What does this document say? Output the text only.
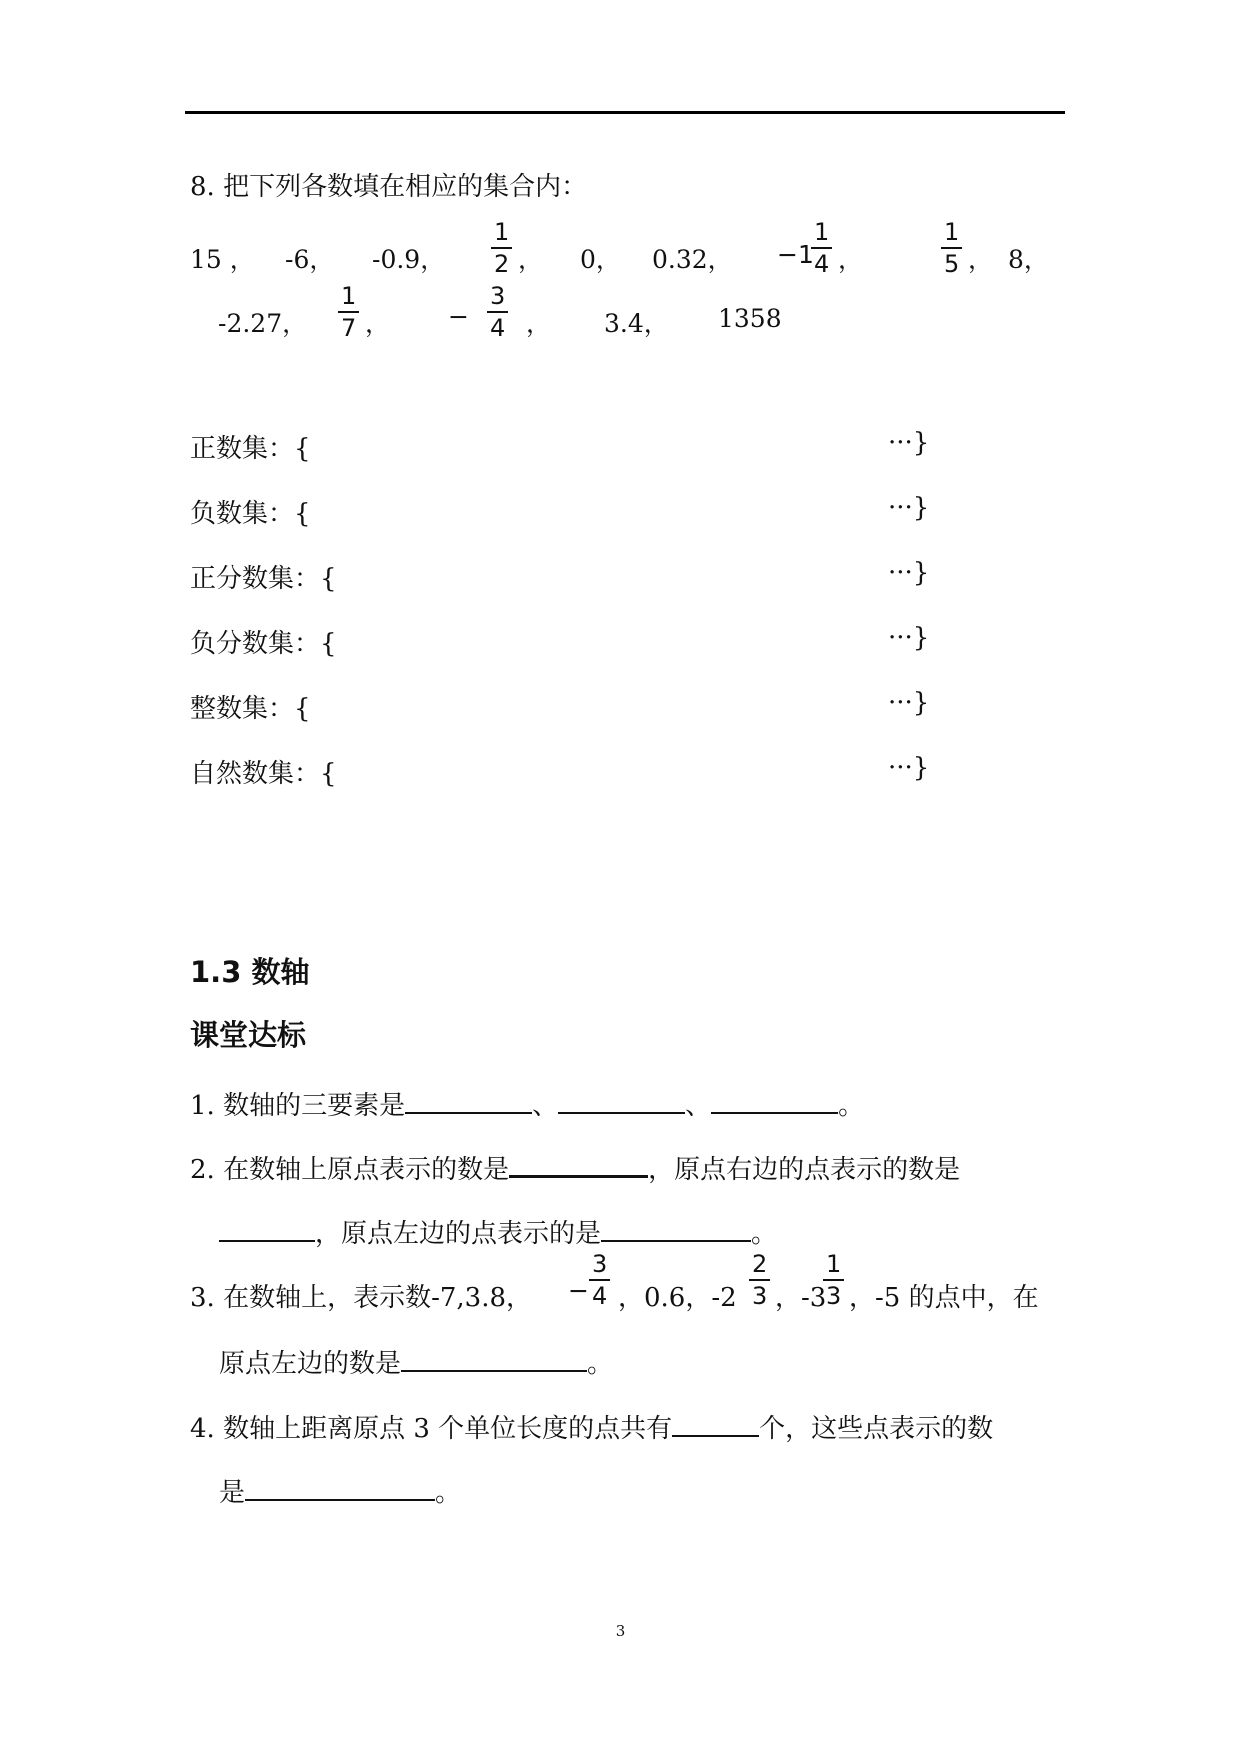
8. 把下列各数填在相应的集合内：
15 ， -6， -0.9， $\frac{1}{2}$ ， 0， 0.32， −1
$\frac{1}{4}$ ，	$\frac{1}{5}$ ， 8，
-2.27， $\frac{1}{7}$ ， − $\frac{3}{4}$ ， 3.4， 1358
正数集：{	···}
负数集：{	···}
正分数集：{	···}
负分数集：{	···}
整数集：{	···}
自然数集：{	···}
1.3 数轴
课堂达标
1. 数轴的三要素是	、	、	。
2. 在数轴上原点表示的数是	，原点右边的点表示的数是
，原点左边的点表示的是	。
3. 在数轴上，表示数-7,3.8， − $\frac{3}{4}$ ，0.6，$-2 \frac{2}{3}$ ，-3
$\frac{1}{3}$ ，-5 的点中，在
原点左边的数是	。
4. 数轴上距离原点 3 个单位长度的点共有	个，这些点表示的数
是	。
3
